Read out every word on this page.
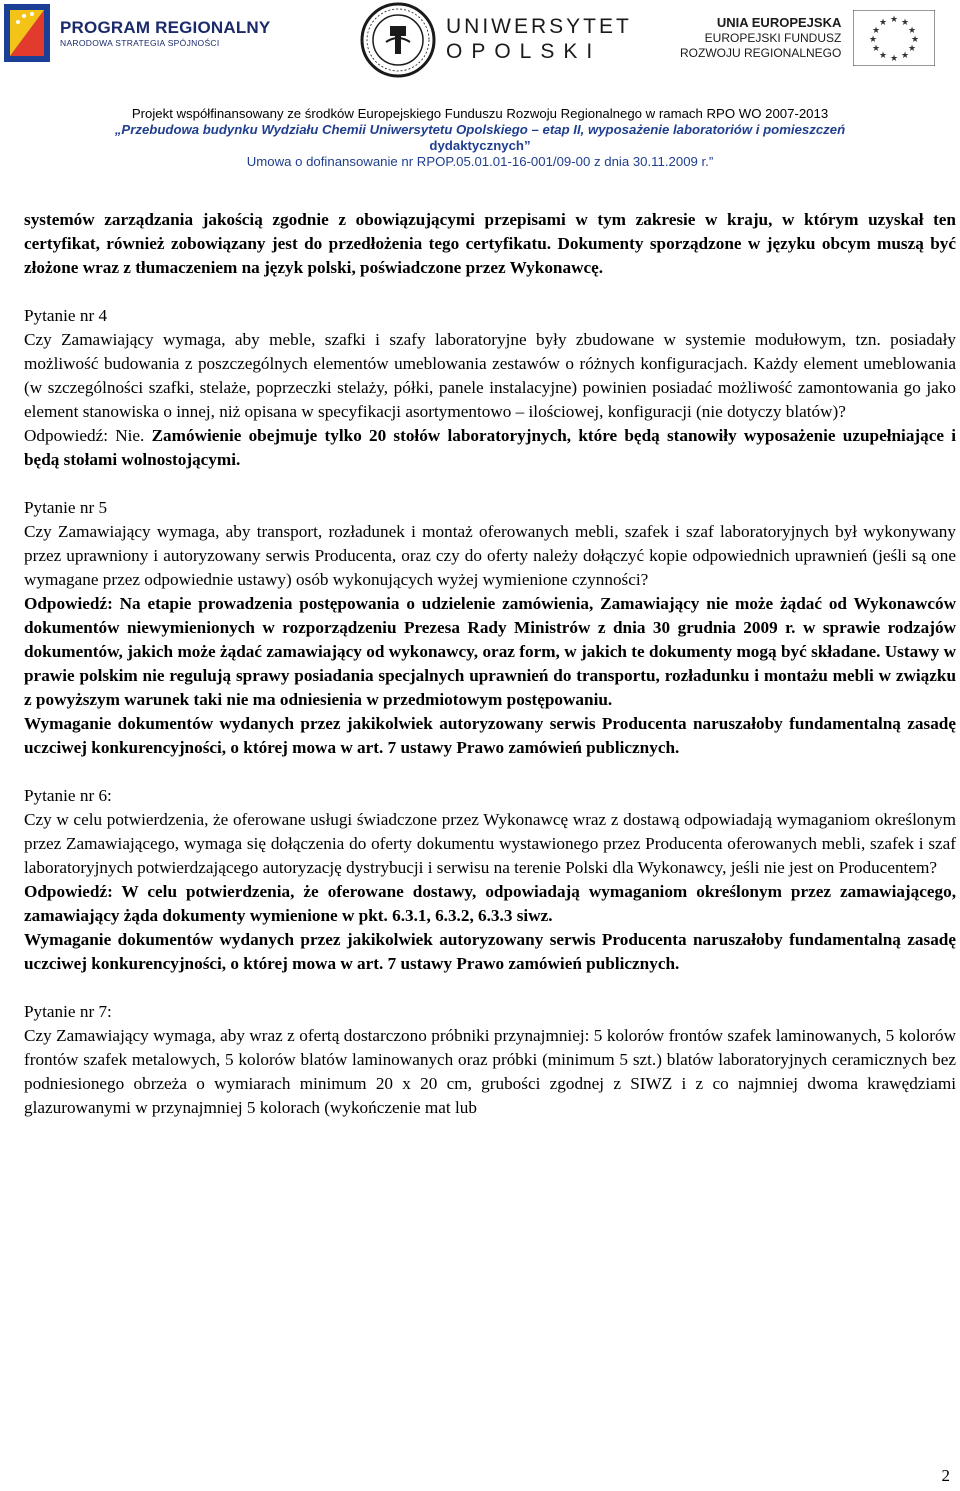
PROGRAM REGIONALNY
NARODOWA STRATEGIA SPÓJNOŚCI
UNIWERSYTET
OPOLSKI
UNIA EUROPEJSKA
EUROPEJSKI FUNDUSZ
ROZWOJU REGIONALNEGO
★ ★
★
★
★
★
★
★
★
★
★
★
Projekt współfinansowany ze środków Europejskiego Funduszu Rozwoju Regionalnego w ramach RPO WO 2007-2013
„Przebudowa budynku Wydziału Chemii Uniwersytetu Opolskiego – etap II, wyposażenie laboratoriów i pomieszczeń
dydaktycznych”
Umowa o dofinansowanie nr RPOP.05.01.01-16-001/09-00 z dnia 30.11.2009 r.”

systemów zarządzania jakością zgodnie z obowiązującymi przepisami w tym zakresie w kraju, w którym uzyskał ten certyfikat, również zobowiązany jest do przedłożenia tego certyfikatu. Dokumenty sporządzone w języku obcym muszą być złożone wraz z tłumaczeniem na język polski, poświadczone przez Wykonawcę.

Pytanie nr 4

Czy Zamawiający wymaga, aby meble, szafki i szafy laboratoryjne były zbudowane w systemie modułowym, tzn. posiadały możliwość budowania z poszczególnych elementów umeblowania zestawów o różnych konfiguracjach. Każdy element umeblowania (w szczególności szafki, stelaże, poprzeczki stelaży, półki, panele instalacyjne) powinien posiadać możliwość zamontowania go jako element stanowiska o innej, niż opisana w specyfikacji asortymentowo – ilościowej, konfiguracji (nie dotyczy blatów)?

Odpowiedź: Nie. Zamówienie obejmuje tylko 20 stołów laboratoryjnych, które będą stanowiły wyposażenie uzupełniające i będą stołami wolnostojącymi.

Pytanie nr 5

Czy Zamawiający wymaga, aby transport, rozładunek i montaż oferowanych mebli, szafek i szaf laboratoryjnych był wykonywany przez uprawniony i autoryzowany serwis Producenta, oraz czy do oferty należy dołączyć kopie odpowiednich uprawnień (jeśli są one wymagane przez odpowiednie ustawy) osób wykonujących wyżej wymienione czynności?

Odpowiedź: Na etapie prowadzenia postępowania o udzielenie zamówienia, Zamawiający nie może żądać od Wykonawców dokumentów niewymienionych w rozporządzeniu Prezesa Rady Ministrów z dnia 30 grudnia 2009 r. w sprawie rodzajów dokumentów, jakich może żądać zamawiający od wykonawcy, oraz form, w jakich te dokumenty mogą być składane. Ustawy w prawie polskim nie regulują sprawy posiadania specjalnych uprawnień do transportu, rozładunku i montażu mebli w związku z powyższym warunek taki nie ma odniesienia w przedmiotowym postępowaniu.

Wymaganie dokumentów wydanych przez jakikolwiek autoryzowany serwis Producenta naruszałoby fundamentalną zasadę uczciwej konkurencyjności, o której mowa w art. 7 ustawy Prawo zamówień publicznych.

Pytanie nr 6:

Czy w celu potwierdzenia, że oferowane usługi świadczone przez Wykonawcę wraz z dostawą odpowiadają wymaganiom określonym przez Zamawiającego, wymaga się dołączenia do oferty dokumentu wystawionego przez Producenta oferowanych mebli, szafek i szaf laboratoryjnych potwierdzającego autoryzację dystrybucji i serwisu na terenie Polski dla Wykonawcy, jeśli nie jest on Producentem?

Odpowiedź: W celu potwierdzenia, że oferowane dostawy, odpowiadają wymaganiom określonym przez zamawiającego, zamawiający żąda dokumenty wymienione w pkt. 6.3.1, 6.3.2, 6.3.3 siwz.

Wymaganie dokumentów wydanych przez jakikolwiek autoryzowany serwis Producenta naruszałoby fundamentalną zasadę uczciwej konkurencyjności, o której mowa w art. 7 ustawy Prawo zamówień publicznych.

Pytanie nr 7:

Czy Zamawiający wymaga, aby wraz z ofertą dostarczono próbniki przynajmniej: 5 kolorów frontów szafek laminowanych, 5 kolorów frontów szafek metalowych, 5 kolorów blatów laminowanych oraz próbki (minimum 5 szt.) blatów laboratoryjnych ceramicznych bez podniesionego obrzeża o wymiarach minimum 20 x 20 cm, grubości zgodnej z SIWZ i z co najmniej dwoma krawędziami glazurowanymi w przynajmniej 5 kolorach (wykończenie mat lub

2
